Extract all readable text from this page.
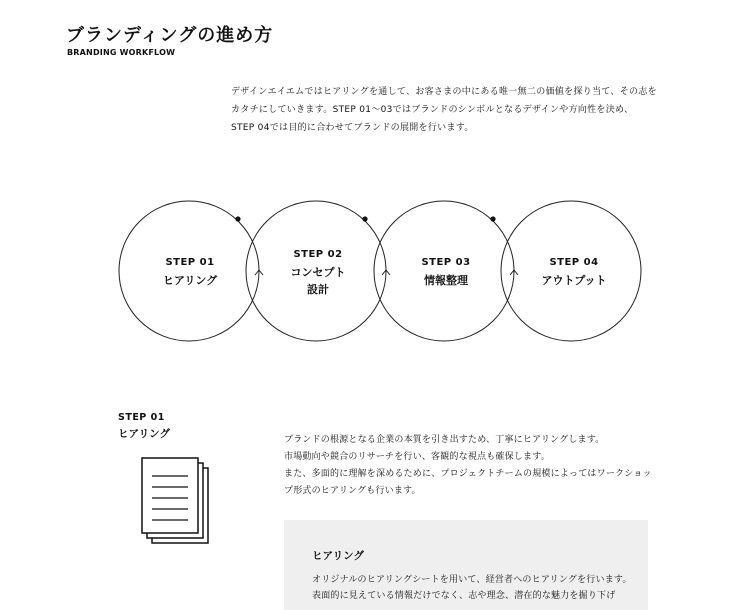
ブランディングの進め方
BRANDING WORKFLOW
デザインエイエムではヒアリングを通して、お客さまの中にある唯一無二の価値を探り当て、その志を
カタチにしていきます。STEP 01～03ではブランドのシンボルとなるデザインや方向性を決め、
STEP 04では目的に合わせてブランドの展開を行います。
STEP 01
ヒアリング
STEP 02
コンセプト
設計
STEP 03
情報整理
STEP 04
アウトプット
STEP 01
ヒアリング	ブランドの根源となる企業の本質を引き出すため、丁寧にヒアリングします。
市場動向や競合のリサーチを行い、客観的な視点も確保します。
また、多面的に理解を深めるために、プロジェクトチームの規模によってはワークショッ
プ形式のヒアリングも行います。
ヒアリング
オリジナルのヒアリングシートを用いて、経営者へのヒアリングを行います。
表面的に見えている情報だけでなく、志や理念、潜在的な魅力を掘り下げ
